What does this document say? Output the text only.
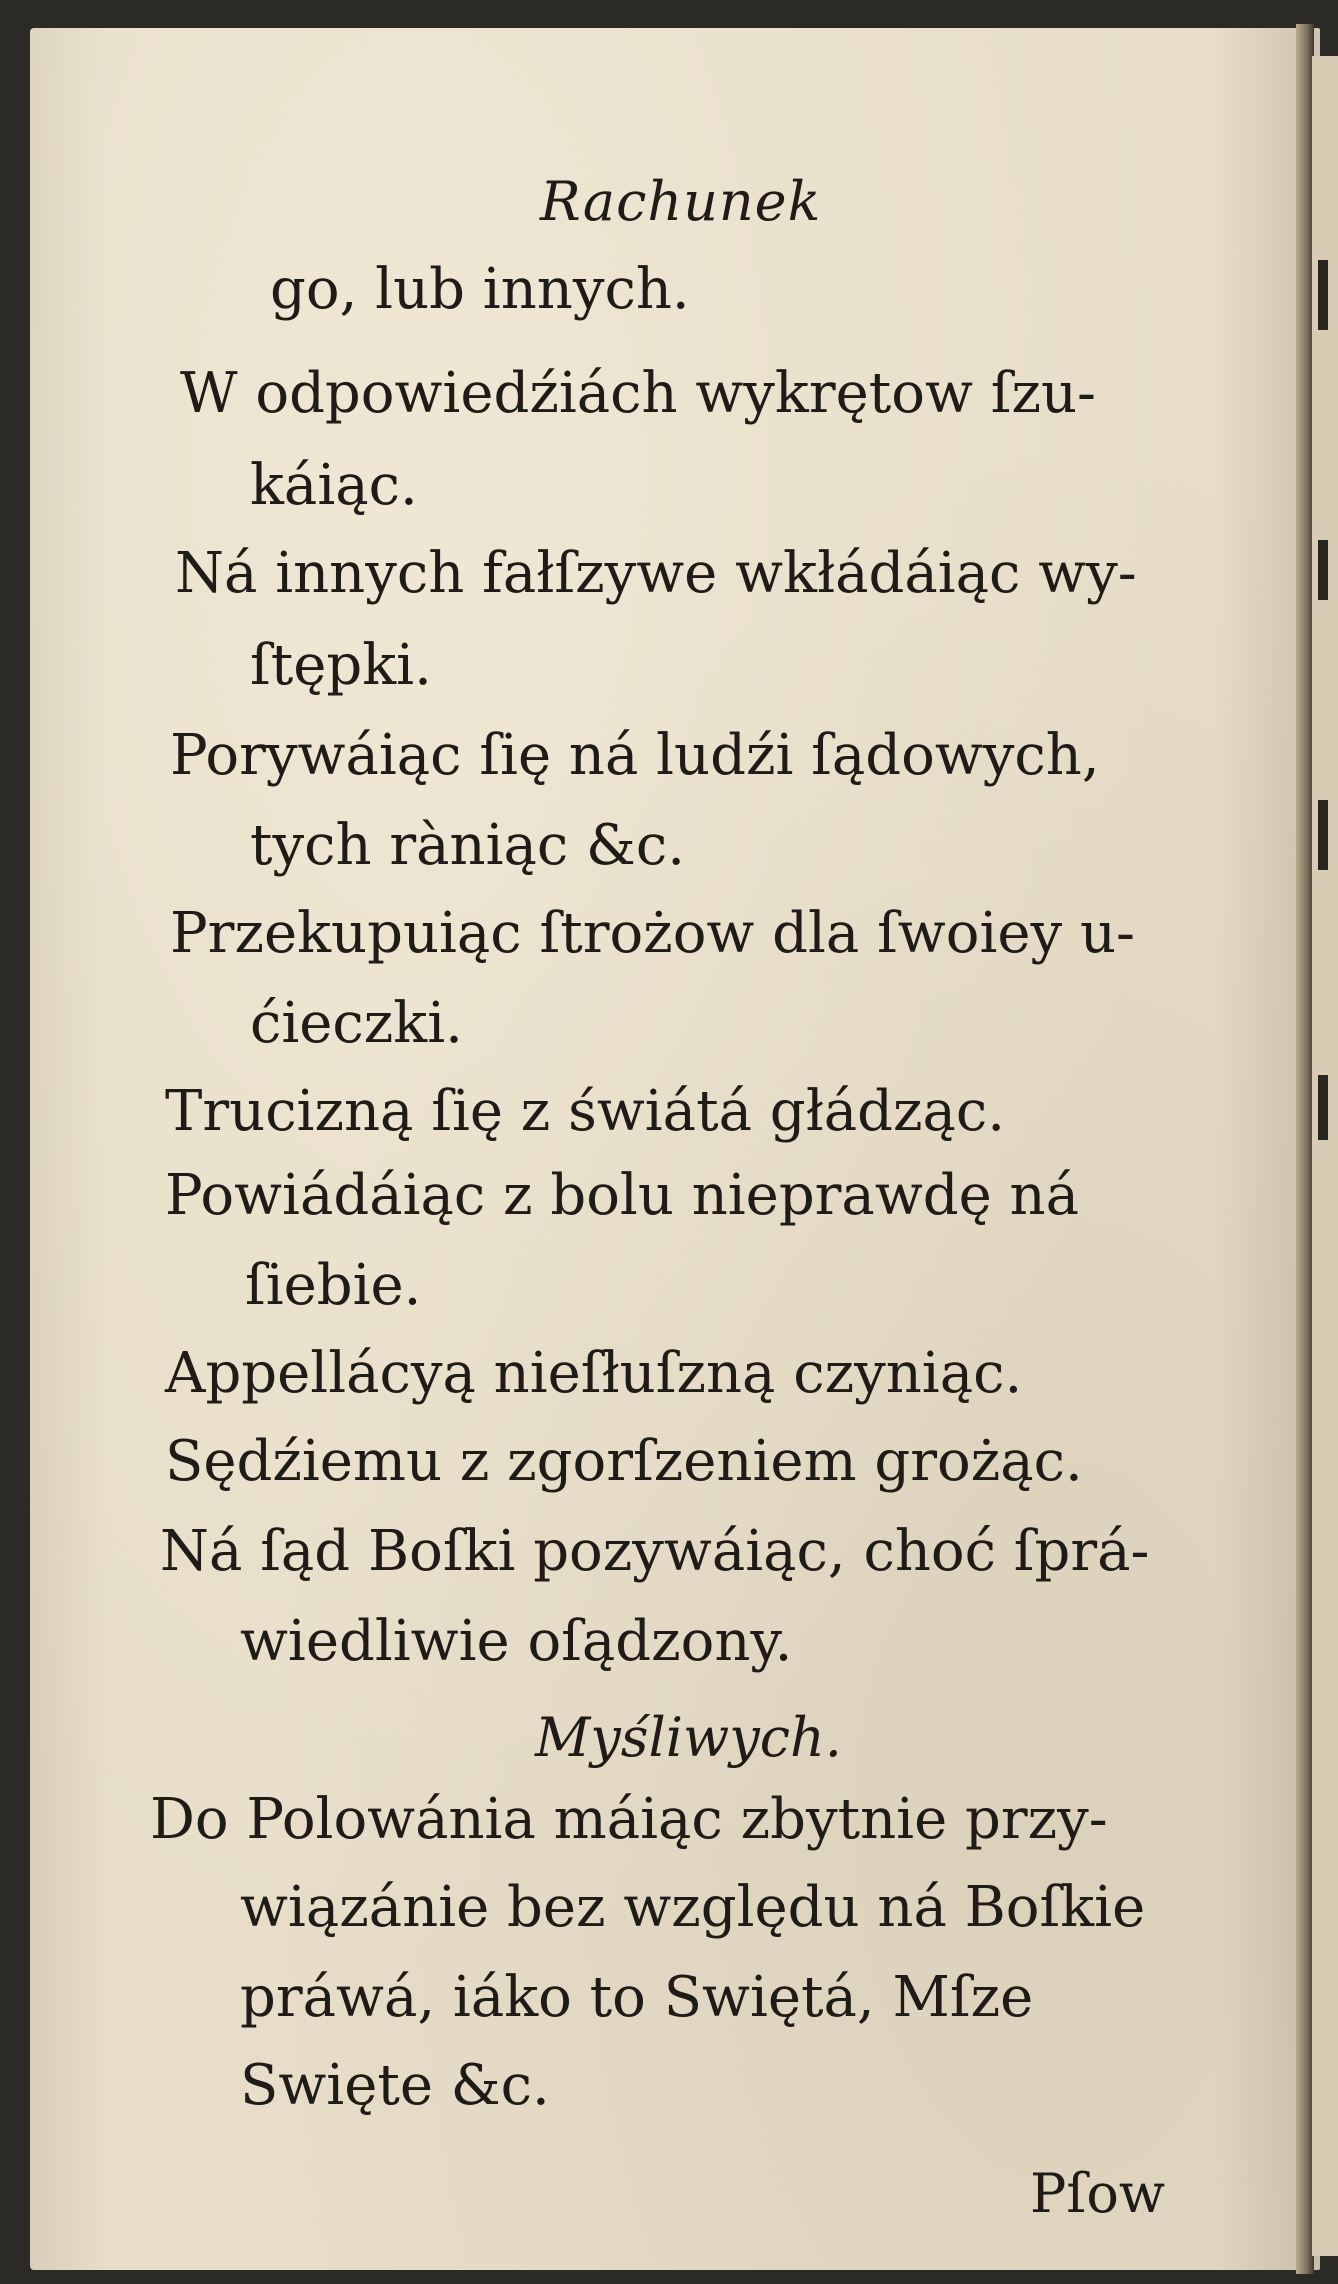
Rachunek
go, lub innych.
W odpowiedźiách wykrętow ſzu-
káiąc.
Ná innych fałſzywe wkłádáiąc wy-
ſtępki.
Porywáiąc ſię ná ludźi ſądowych,
tych ràniąc &c.
Przekupuiąc ſtrożow dla ſwoiey u-
ćieczki.
Trucizną ſię z świátá głádząc.
Powiádáiąc z bolu nieprawdę ná
ſiebie.
Appellácyą nieſłuſzną czyniąc.
Sędźiemu z zgorſzeniem grożąc.
Ná ſąd Boſki pozywáiąc, choć ſprá-
wiedliwie oſądzony.
Myśliwych.
Do Polowánia máiąc zbytnie przy-
wiązánie bez względu ná Boſkie
práwá, iáko to Swiętá, Mſze
Swięte &c.
Pſow
